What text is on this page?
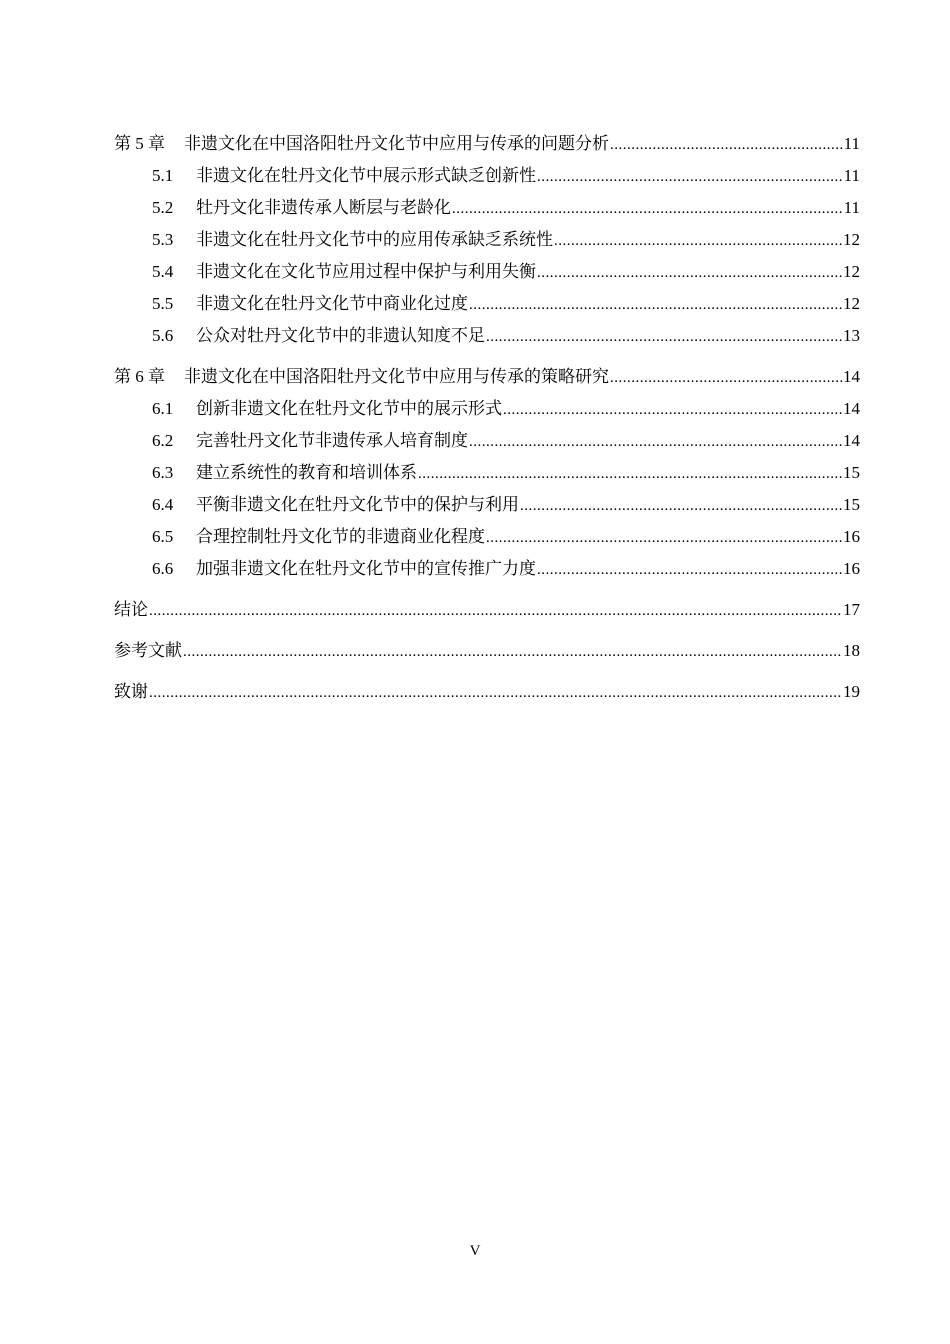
第 5 章	非遗文化在中国洛阳牡丹文化节中应用与传承的问题分析 .....	11
5.1	非遗文化在牡丹文化节中展示形式缺乏创新性 .....	11
5.2	牡丹文化非遗传承人断层与老龄化 .....	11
5.3	非遗文化在牡丹文化节中的应用传承缺乏系统性 .....	12
5.4	非遗文化在文化节应用过程中保护与利用失衡 .....	12
5.5	非遗文化在牡丹文化节中商业化过度 .....	12
5.6	公众对牡丹文化节中的非遗认知度不足 .....	13
第 6 章	非遗文化在中国洛阳牡丹文化节中应用与传承的策略研究 .....	14
6.1	创新非遗文化在牡丹文化节中的展示形式 .....	14
6.2	完善牡丹文化节非遗传承人培育制度 .....	14
6.3	建立系统性的教育和培训体系 .....	15
6.4	平衡非遗文化在牡丹文化节中的保护与利用 .....	15
6.5	合理控制牡丹文化节的非遗商业化程度 .....	16
6.6	加强非遗文化在牡丹文化节中的宣传推广力度 .....	16
结论 .....	17
参考文献 .....	18
致谢 .....	19
V
